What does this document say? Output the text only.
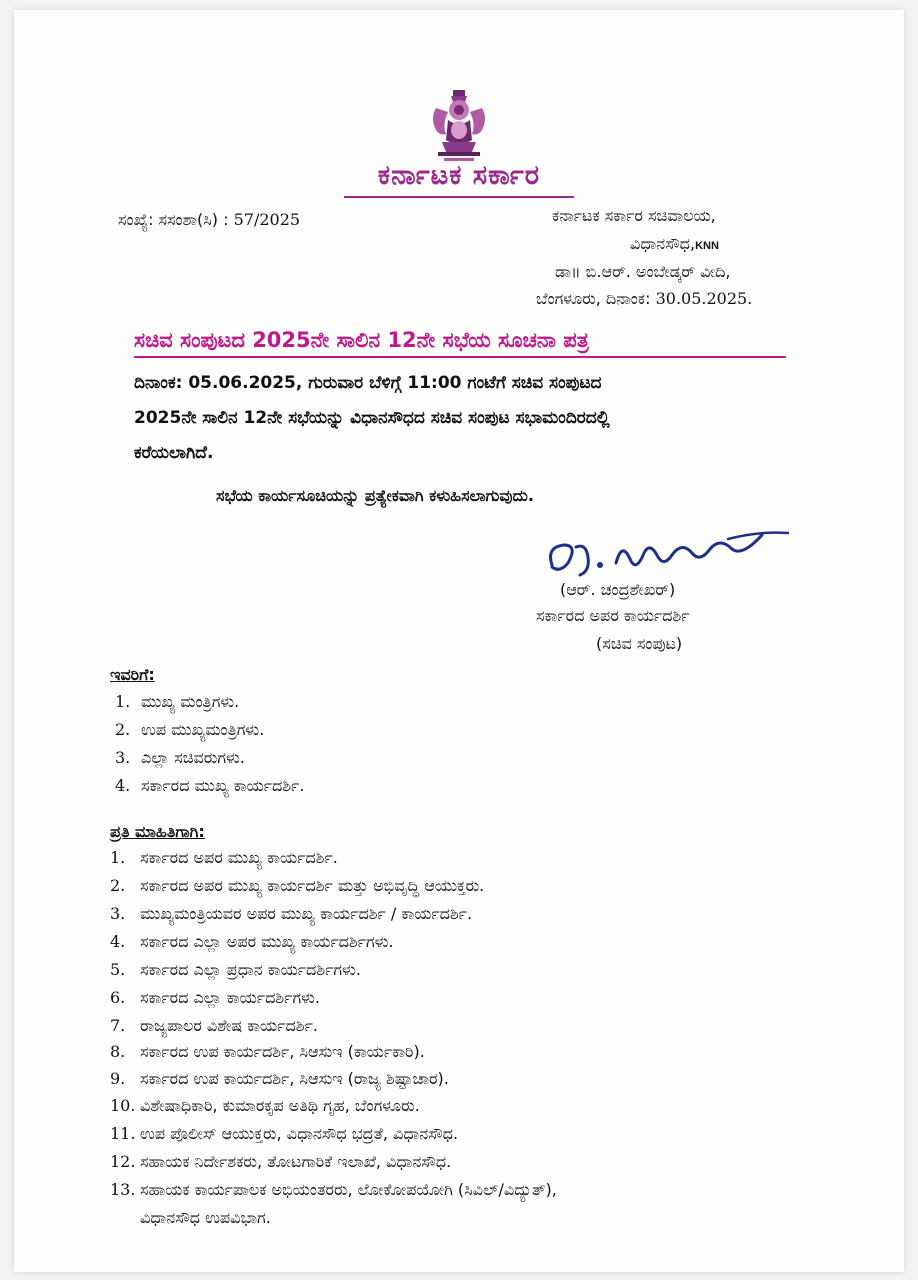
ಕರ್ನಾಟಕ ಸರ್ಕಾರ
ಸಂಖ್ಯೆ: ಸಸಂಶಾ(ಸಿ) : 57/2025	ಕರ್ನಾಟಕ ಸರ್ಕಾರ ಸಚಿವಾಲಯ,
ವಿಧಾನಸೌಧ,KNN
ಡಾ॥ ಬಿ.ಆರ್. ಅಂಬೇಡ್ಕರ್ ವೀದಿ,
ಬೆಂಗಳೂರು, ದಿನಾಂಕ: 30.05.2025.
ಸಚಿವ ಸಂಪುಟದ 2025ನೇ ಸಾಲಿನ 12ನೇ ಸಭೆಯ ಸೂಚನಾ ಪತ್ರ
ದಿನಾಂಕ: 05.06.2025, ಗುರುವಾರ ಬೆಳಿಗ್ಗೆ 11:00 ಗಂಟೆಗೆ ಸಚಿವ ಸಂಪುಟದ
2025ನೇ ಸಾಲಿನ 12ನೇ ಸಭೆಯನ್ನು ವಿಧಾನಸೌಧದ ಸಚಿವ ಸಂಪುಟ ಸಭಾಮಂದಿರದಲ್ಲಿ
ಕರೆಯಲಾಗಿದೆ.
ಸಭೆಯ ಕಾರ್ಯಸೂಚಿಯನ್ನು ಪ್ರತ್ಯೇಕವಾಗಿ ಕಳುಹಿಸಲಾಗುವುದು.
(ಆರ್. ಚಂದ್ರಶೇಖರ್)
ಸರ್ಕಾರದ ಅಪರ ಕಾರ್ಯದರ್ಶಿ
(ಸಚಿವ ಸಂಪುಟ)
ಇವರಿಗೆ:
1. ಮುಖ್ಯ ಮಂತ್ರಿಗಳು.
2. ಉಪ ಮುಖ್ಯಮಂತ್ರಿಗಳು.
3. ಎಲ್ಲಾ ಸಚಿವರುಗಳು.
4. ಸರ್ಕಾರದ ಮುಖ್ಯ ಕಾರ್ಯದರ್ಶಿ.
ಪ್ರತಿ ಮಾಹಿತಿಗಾಗಿ:
1. ಸರ್ಕಾರದ ಅಪರ ಮುಖ್ಯ ಕಾರ್ಯದರ್ಶಿ.
2. ಸರ್ಕಾರದ ಅಪರ ಮುಖ್ಯ ಕಾರ್ಯದರ್ಶಿ ಮತ್ತು ಅಭಿವೃದ್ಧಿ ಆಯುಕ್ತರು.
3. ಮುಖ್ಯಮಂತ್ರಿಯವರ ಅಪರ ಮುಖ್ಯ ಕಾರ್ಯದರ್ಶಿ / ಕಾರ್ಯದರ್ಶಿ.
4. ಸರ್ಕಾರದ ಎಲ್ಲಾ ಅಪರ ಮುಖ್ಯ ಕಾರ್ಯದರ್ಶಿಗಳು.
5. ಸರ್ಕಾರದ ಎಲ್ಲಾ ಪ್ರಧಾನ ಕಾರ್ಯದರ್ಶಿಗಳು.
6. ಸರ್ಕಾರದ ಎಲ್ಲಾ ಕಾರ್ಯದರ್ಶಿಗಳು.
7. ರಾಜ್ಯಪಾಲರ ವಿಶೇಷ ಕಾರ್ಯದರ್ಶಿ.
8. ಸರ್ಕಾರದ ಉಪ ಕಾರ್ಯದರ್ಶಿ, ಸಿಆಸುಇ (ಕಾರ್ಯಕಾರಿ).
9. ಸರ್ಕಾರದ ಉಪ ಕಾರ್ಯದರ್ಶಿ, ಸಿಆಸುಇ (ರಾಜ್ಯ ಶಿಷ್ಟಾಚಾರ).
10. ವಿಶೇಷಾಧಿಕಾರಿ, ಕುಮಾರಕೃಪ ಅತಿಥಿ ಗೃಹ, ಬೆಂಗಳೂರು.
11. ಉಪ ಪೊಲೀಸ್ ಆಯುಕ್ತರು, ವಿಧಾನಸೌಧ ಭದ್ರತೆ, ವಿಧಾನಸೌಧ.
12. ಸಹಾಯಕ ನಿರ್ದೇಶಕರು, ತೋಟಗಾರಿಕೆ ಇಲಾಖೆ, ವಿಧಾನಸೌಧ.
13. ಸಹಾಯಕ ಕಾರ್ಯಪಾಲಕ ಅಭಿಯಂತರರು, ಲೋಕೋಪಯೋಗಿ (ಸಿವಿಲ್/ವಿದ್ಯುತ್),
ವಿಧಾನಸೌಧ ಉಪವಿಭಾಗ.
